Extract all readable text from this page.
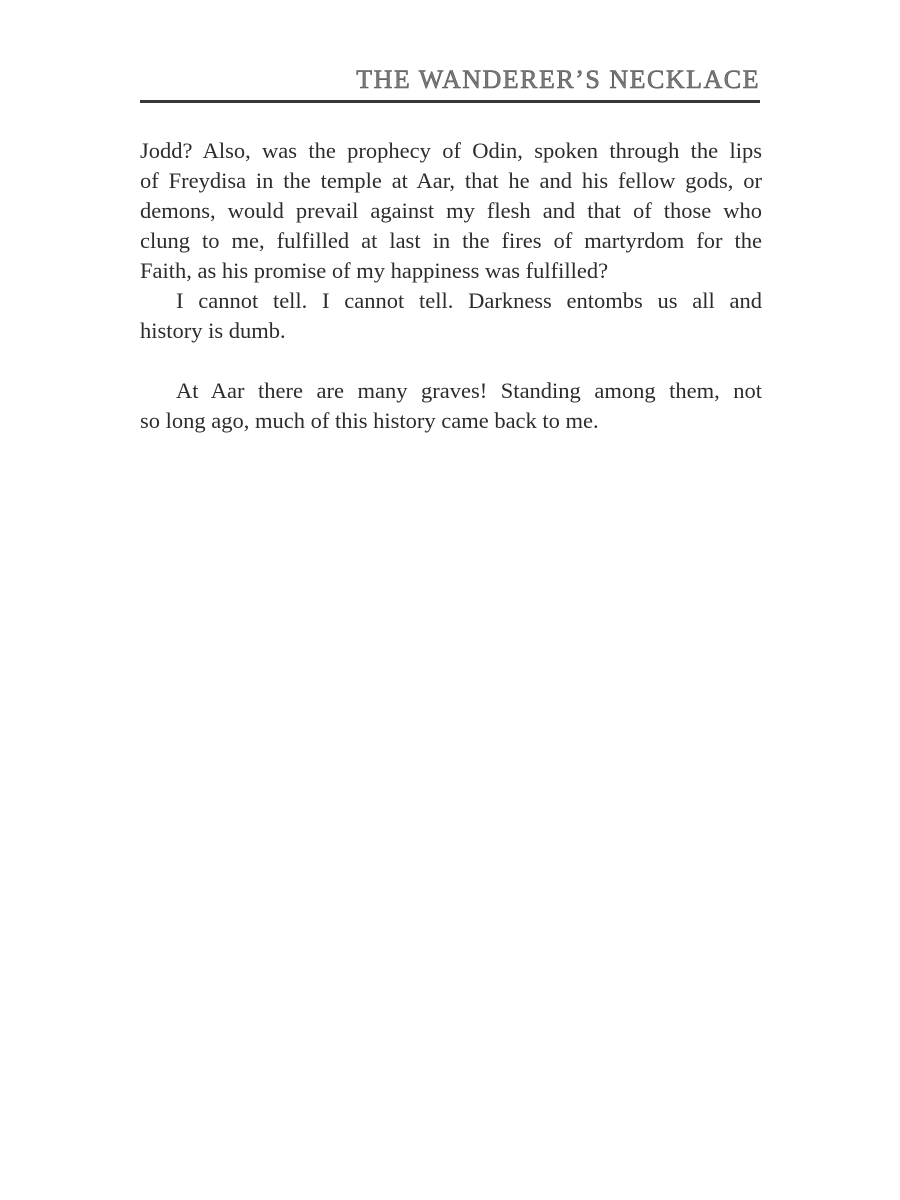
THE WANDERER’S NECKLACE
Jodd? Also, was the prophecy of Odin, spoken through the lips
of Freydisa in the temple at Aar, that he and his fellow gods, or
demons, would prevail against my flesh and that of those who
clung to me, fulfilled at last in the fires of martyrdom for the
Faith, as his promise of my happiness was fulfilled?
I cannot tell. I cannot tell. Darkness entombs us all and
history is dumb.
At Aar there are many graves! Standing among them, not
so long ago, much of this history came back to me.
